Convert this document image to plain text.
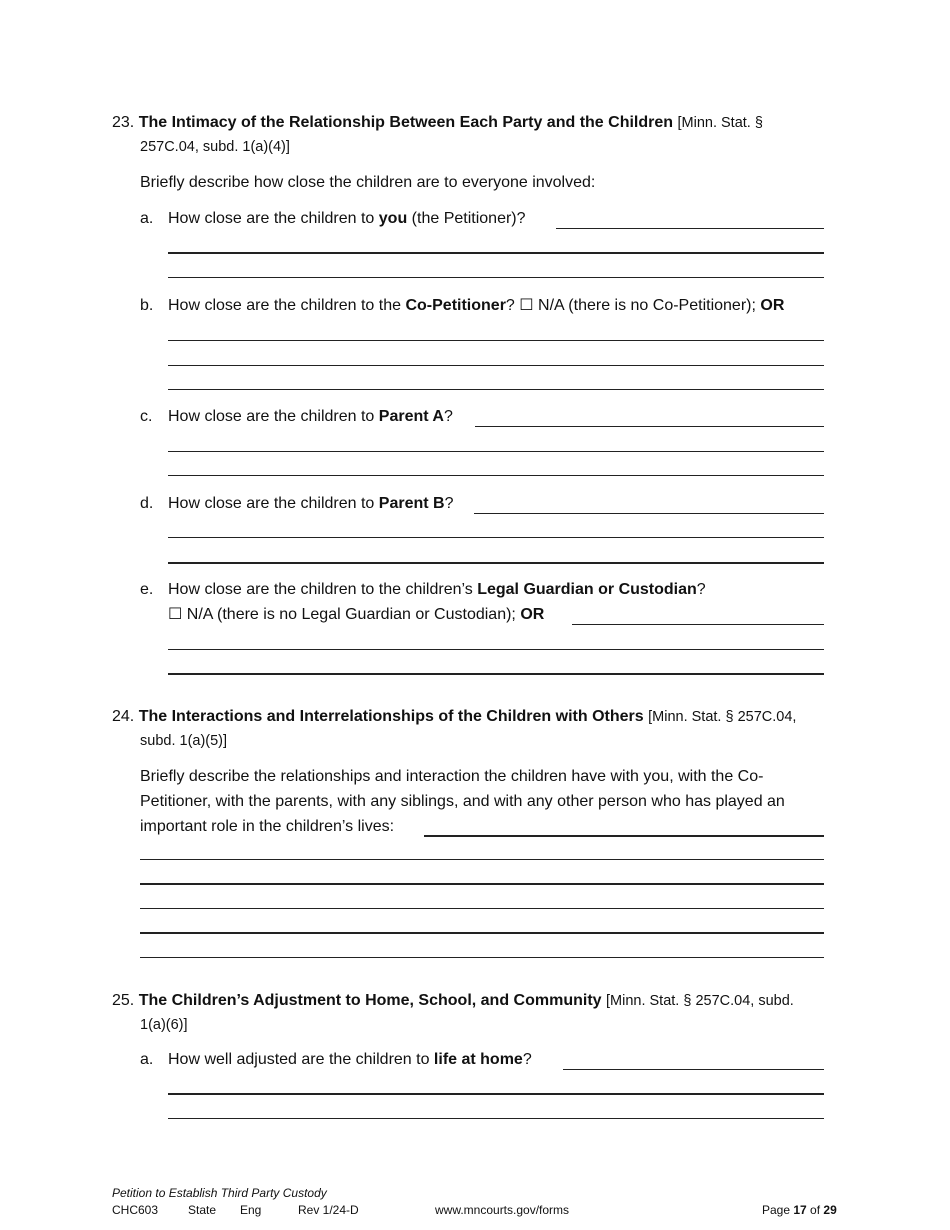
23. The Intimacy of the Relationship Between Each Party and the Children [Minn. Stat. §
257C.04, subd. 1(a)(4)]
Briefly describe how close the children are to everyone involved:
a. How close are the children to you (the Petitioner)?
b. How close are the children to the Co-Petitioner? ☐ N/A (there is no Co-Petitioner); OR
c. How close are the children to Parent A?
d. How close are the children to Parent B?
e. How close are the children to the children’s Legal Guardian or Custodian?
☐ N/A (there is no Legal Guardian or Custodian); OR
24. The Interactions and Interrelationships of the Children with Others [Minn. Stat. § 257C.04,
subd. 1(a)(5)]
Briefly describe the relationships and interaction the children have with you, with the Co-
Petitioner, with the parents, with any siblings, and with any other person who has played an
important role in the children’s lives:
25. The Children’s Adjustment to Home, School, and Community [Minn. Stat. § 257C.04, subd.
1(a)(6)]
a. How well adjusted are the children to life at home?
Petition to Establish Third Party Custody
CHC603 State Eng	Rev 1/24-D	www.mncourts.gov/forms	Page 17 of 29
